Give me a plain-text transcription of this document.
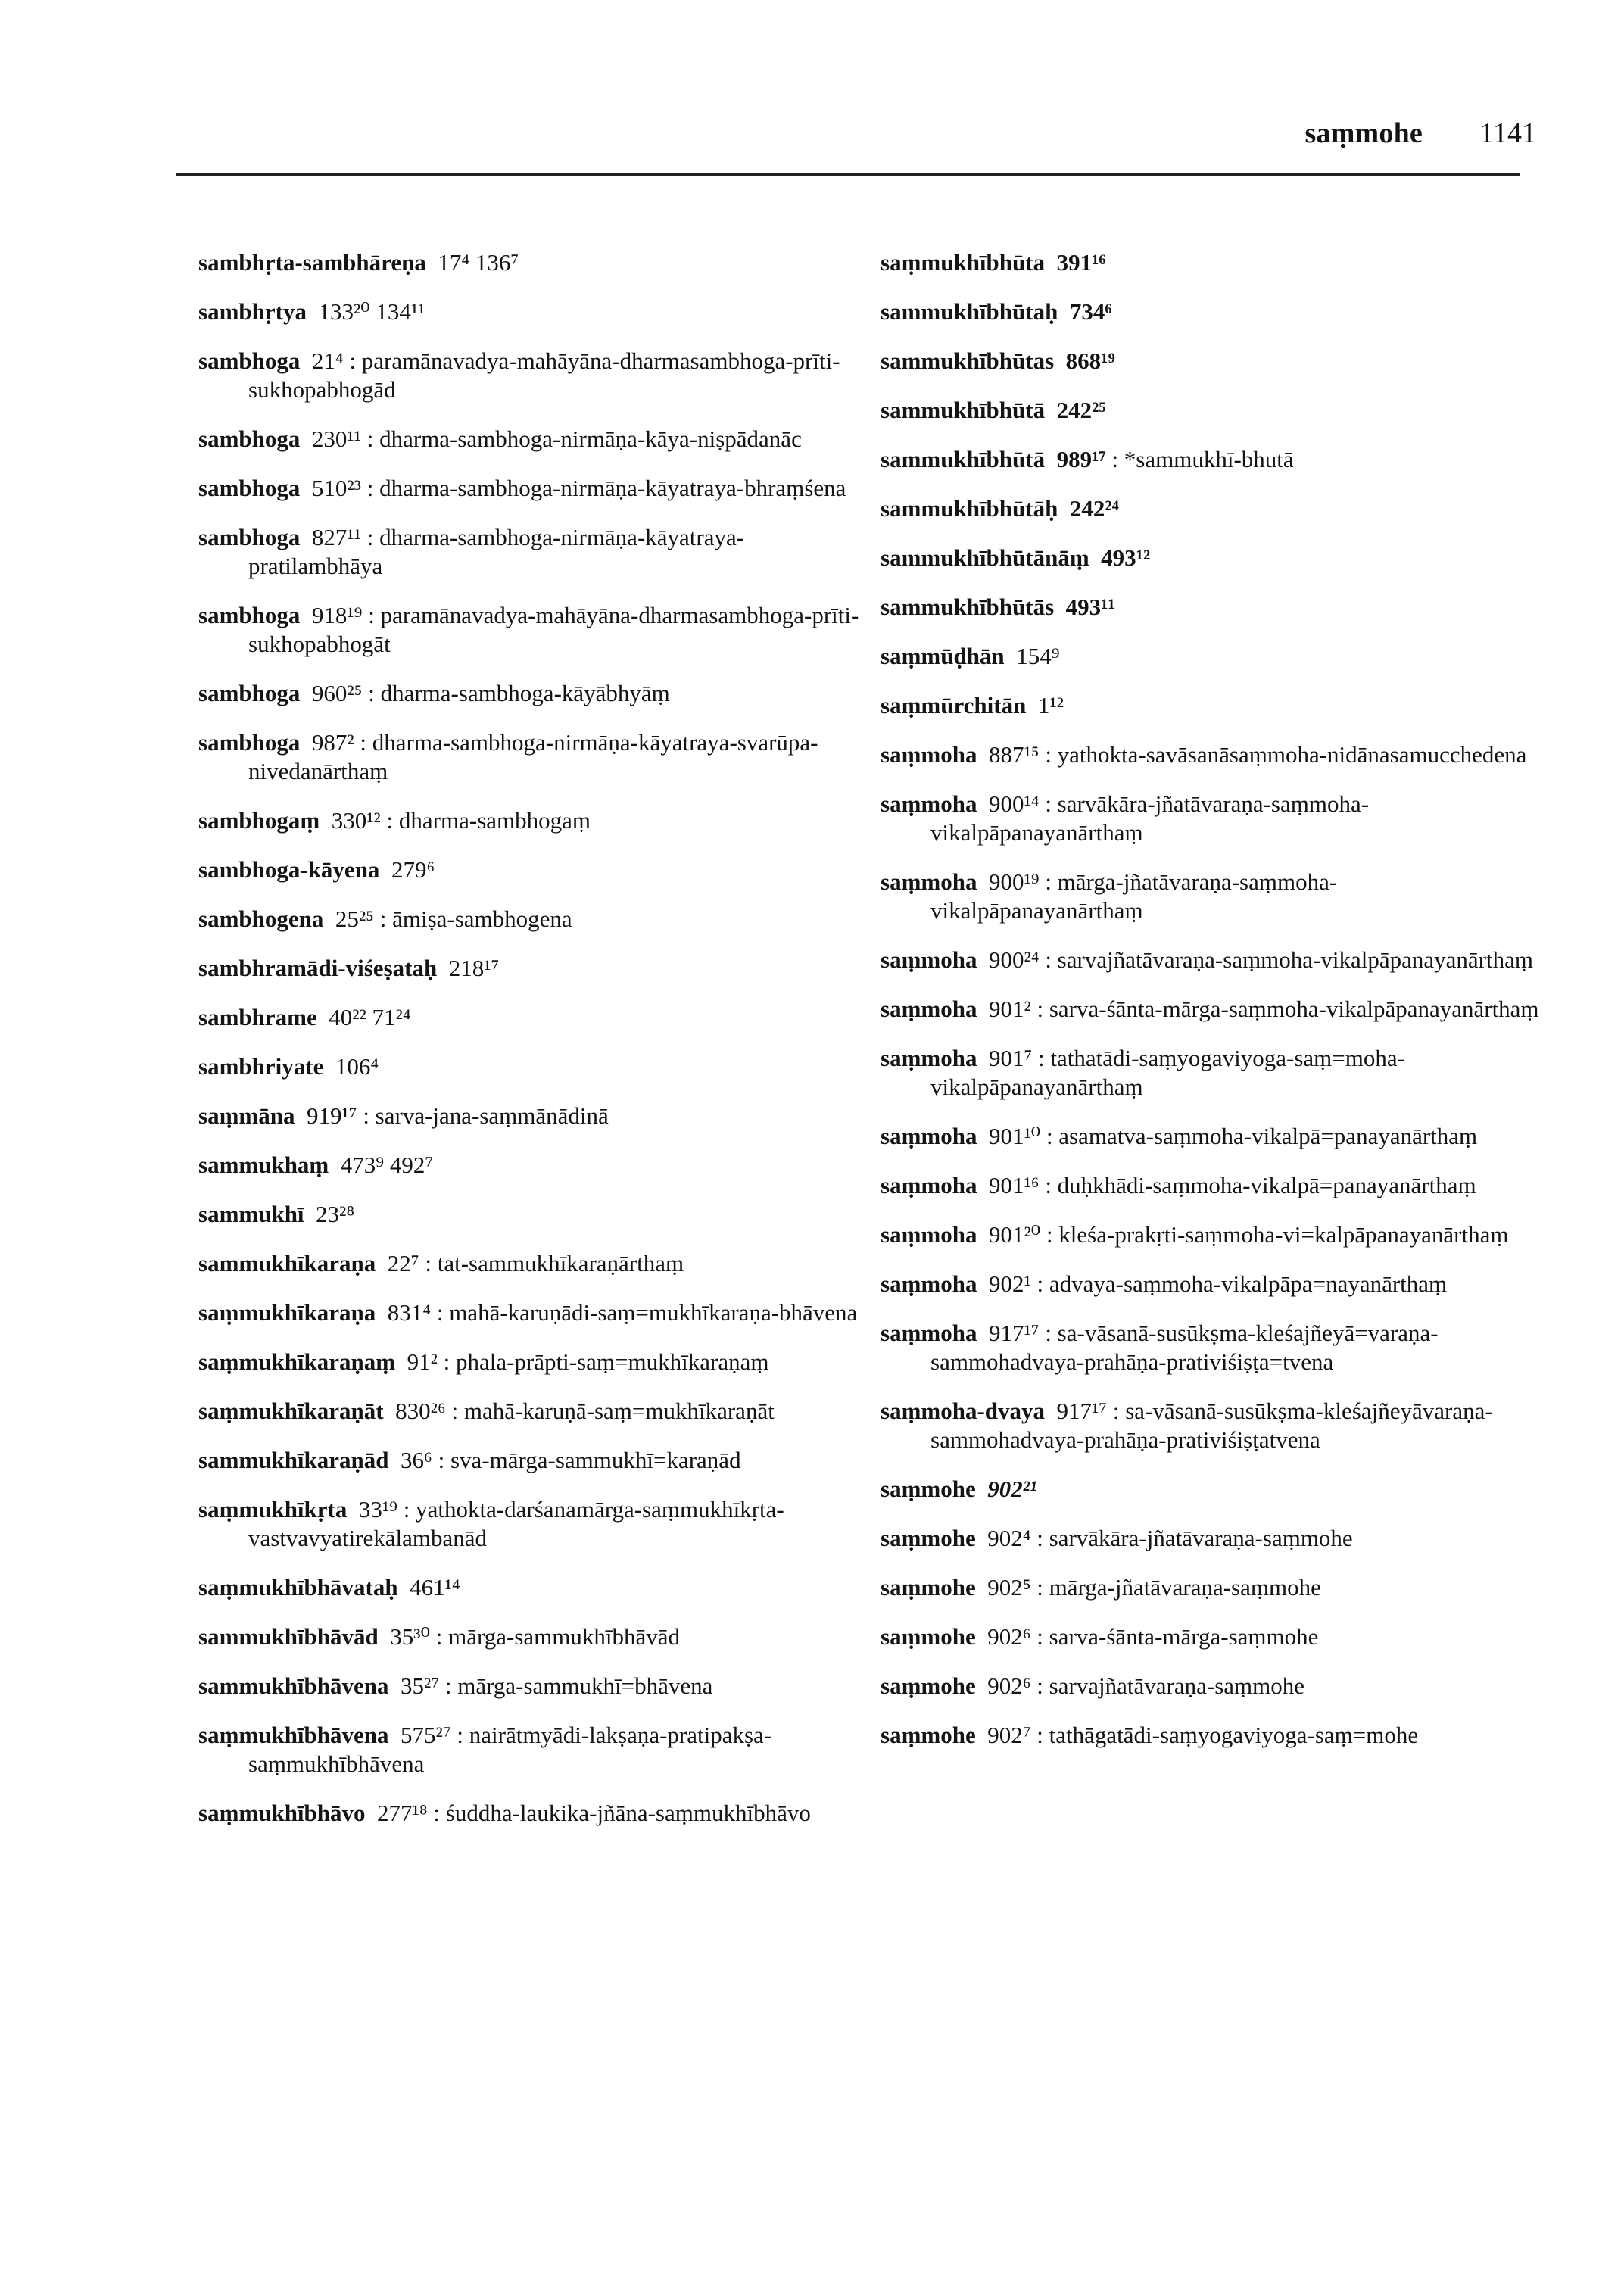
saṃmohe 1141

sambhṛta-sambhāreṇa 17⁴ 136⁷

sambhṛtya 133²⁰ 134¹¹

sambhoga 21⁴ : paramānavadya-mahāyāna-dharmasambhoga-prīti-sukhopabhogād

sambhoga 230¹¹ : dharma-sambhoga-nirmāṇa-kāya-niṣpādanāc

sambhoga 510²³ : dharma-sambhoga-nirmāṇa-kāyatraya-bhraṃśena

sambhoga 827¹¹ : dharma-sambhoga-nirmāṇa-kāyatraya-pratilambhāya

sambhoga 918¹⁹ : paramānavadya-mahāyāna-dharmasambhoga-prīti-sukhopabhogāt

sambhoga 960²⁵ : dharma-sambhoga-kāyābhyāṃ

sambhoga 987² : dharma-sambhoga-nirmāṇa-kāyatraya-svarūpa-nivedanārthaṃ

sambhogaṃ 330¹² : dharma-sambhogaṃ

sambhoga-kāyena 279⁶

sambhogena 25²⁵ : āmiṣa-sambhogena

sambhramādi-viśeṣataḥ 218¹⁷

sambhrame 40²² 71²⁴

sambhriyate 106⁴

saṃmāna 919¹⁷ : sarva-jana-saṃmānādinā

sammukhaṃ 473⁹ 492⁷

sammukhī 23²⁸

sammukhīkaraṇa 22⁷ : tat-sammukhīkaraṇārthaṃ

saṃmukhīkaraṇa 831⁴ : mahā-karuṇādi-saṃ=mukhīkaraṇa-bhāvena

saṃmukhīkaraṇaṃ 91² : phala-prāpti-saṃ=mukhīkaraṇaṃ

saṃmukhīkaraṇāt 830²⁶ : mahā-karuṇā-saṃ=mukhīkaraṇāt

sammukhīkaraṇād 36⁶ : sva-mārga-sammukhī=karaṇād

saṃmukhīkṛta 33¹⁹ : yathokta-darśanamārga-saṃmukhīkṛta-vastvavyatirekālambanād

saṃmukhībhāvataḥ 461¹⁴

sammukhībhāvād 35³⁰ : mārga-sammukhībhāvād

sammukhībhāvena 35²⁷ : mārga-sammukhī=bhāvena

saṃmukhībhāvena 575²⁷ : nairātmyādi-lakṣaṇa-pratipakṣa-saṃmukhībhāvena

saṃmukhībhāvo 277¹⁸ : śuddha-laukika-jñāna-saṃmukhībhāvo

saṃmukhībhūta 391¹⁶

sammukhībhūtaḥ 734⁶

sammukhībhūtas 868¹⁹

sammukhībhūtā 242²⁵

sammukhībhūtā 989¹⁷ : *sammukhī-bhutā

sammukhībhūtāḥ 242²⁴

sammukhībhūtānāṃ 493¹²

sammukhībhūtās 493¹¹

saṃmūḍhān 154⁹

saṃmūrchitān 1¹²

saṃmoha 887¹⁵ : yathokta-savāsanāsaṃmoha-nidānasamucchedena

saṃmoha 900¹⁴ : sarvākāra-jñatāvaraṇa-saṃmoha-vikalpāpanayanārthaṃ

saṃmoha 900¹⁹ : mārga-jñatāvaraṇa-saṃmoha-vikalpāpanayanārthaṃ

saṃmoha 900²⁴ : sarvajñatāvaraṇa-saṃmoha-vikalpāpanayanārthaṃ

saṃmoha 901² : sarva-śānta-mārga-saṃmoha-vikalpāpanayanārthaṃ

saṃmoha 901⁷ : tathatādi-saṃyogaviyoga-saṃ=moha-vikalpāpanayanārthaṃ

saṃmoha 901¹⁰ : asamatva-saṃmoha-vikalpā=panayanārthaṃ

saṃmoha 901¹⁶ : duḥkhādi-saṃmoha-vikalpā=panayanārthaṃ

saṃmoha 901²⁰ : kleśa-prakṛti-saṃmoha-vi=kalpāpanayanārthaṃ

saṃmoha 902¹ : advaya-saṃmoha-vikalpāpa=nayanārthaṃ

saṃmoha 917¹⁷ : sa-vāsanā-susūkṣma-kleśajñeyā=varaṇa-sammohadvaya-prahāṇa-prativiśiṣṭa=tvena

saṃmoha-dvaya 917¹⁷ : sa-vāsanā-susūkṣma-kleśajñeyāvaraṇa-sammohadvaya-prahāṇa-prativiśiṣṭatvena

saṃmohe 902²¹

saṃmohe 902⁴ : sarvākāra-jñatāvaraṇa-saṃmohe

saṃmohe 902⁵ : mārga-jñatāvaraṇa-saṃmohe

saṃmohe 902⁶ : sarva-śānta-mārga-saṃmohe

saṃmohe 902⁶ : sarvajñatāvaraṇa-saṃmohe

saṃmohe 902⁷ : tathāgatādi-saṃyogaviyoga-saṃ=mohe
